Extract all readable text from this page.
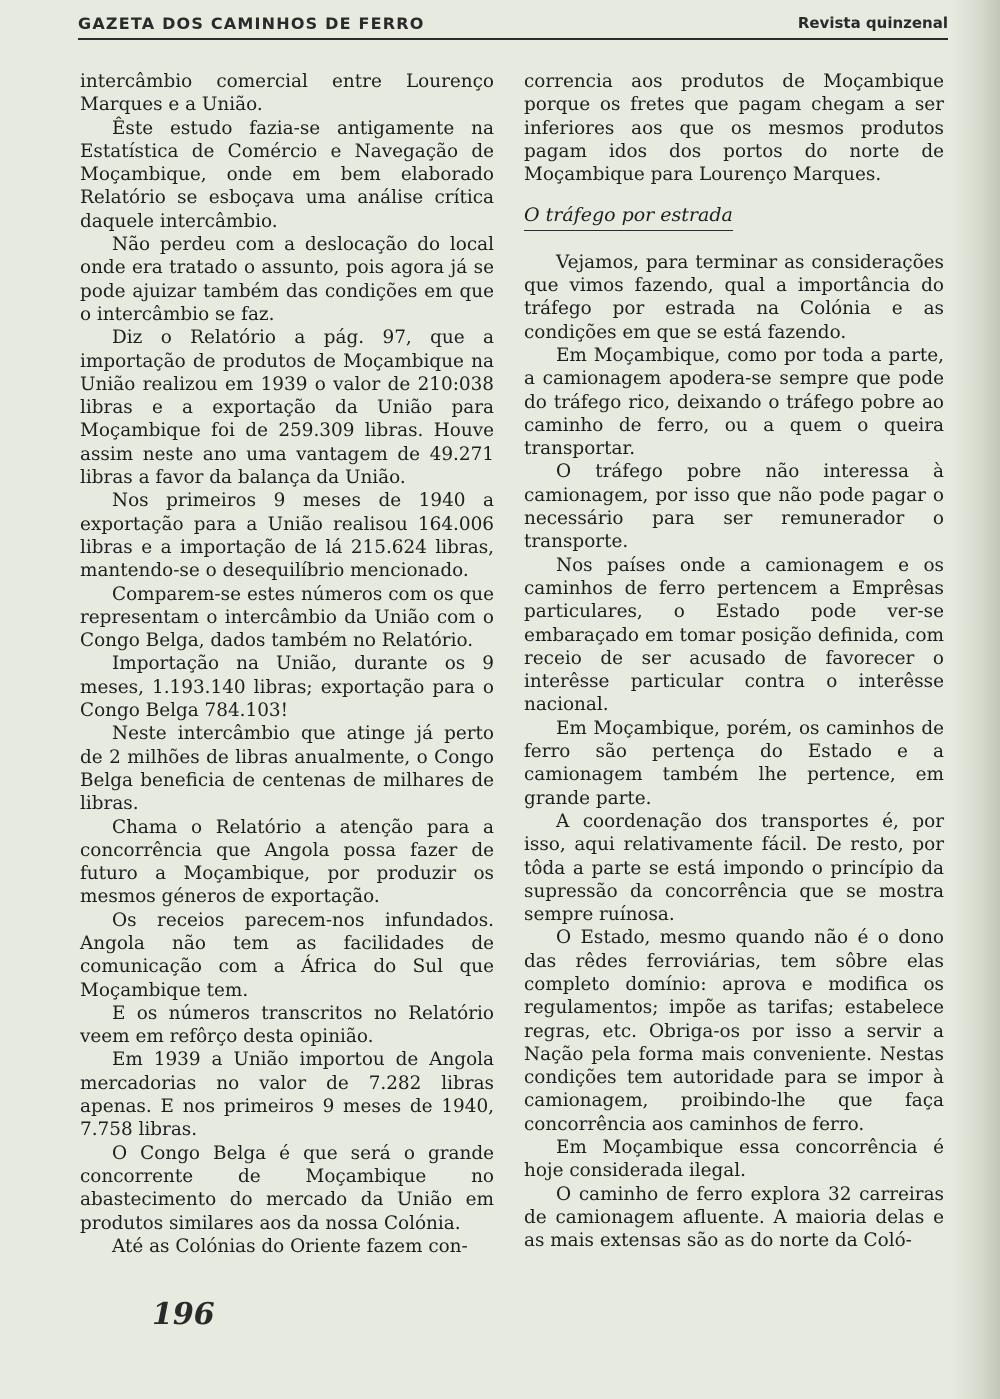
GAZETA DOS CAMINHOS DE FERRO	Revista quinzenal

intercâmbio comercial entre Lourenço Marques e a União.

Êste estudo fazia-se antigamente na Estatística de Comércio e Navegação de Moçambique, onde em bem elaborado Relatório se esboçava uma análise crítica daquele intercâmbio.

Não perdeu com a deslocação do local onde era tratado o assunto, pois agora já se pode ajuizar também das condições em que o intercâmbio se faz.

Diz o Relatório a pág. 97, que a importação de produtos de Moçambique na União realizou em 1939 o valor de 210:038 libras e a exportação da União para Moçambique foi de 259.309 libras. Houve assim neste ano uma vantagem de 49.271 libras a favor da balança da União.

Nos primeiros 9 meses de 1940 a exportação para a União realisou 164.006 libras e a importação de lá 215.624 libras, mantendo-se o desequilíbrio mencionado.

Comparem-se estes números com os que representam o intercâmbio da União com o Congo Belga, dados também no Relatório.

Importação na União, durante os 9 meses, 1.193.140 libras; exportação para o Congo Belga 784.103!

Neste intercâmbio que atinge já perto de 2 milhões de libras anualmente, o Congo Belga beneficia de centenas de milhares de libras.

Chama o Relatório a atenção para a concorrência que Angola possa fazer de futuro a Moçambique, por produzir os mesmos géneros de exportação.

Os receios parecem-nos infundados. Angola não tem as facilidades de comunicação com a África do Sul que Moçambique tem.

E os números transcritos no Relatório veem em refôrço desta opinião.

Em 1939 a União importou de Angola mercadorias no valor de 7.282 libras apenas. E nos primeiros 9 meses de 1940, 7.758 libras.

O Congo Belga é que será o grande concorrente de Moçambique no abastecimento do mercado da União em produtos similares aos da nossa Colónia.

Até as Colónias do Oriente fazem con-

correncia aos produtos de Moçambique porque os fretes que pagam chegam a ser inferiores aos que os mesmos produtos pagam idos dos portos do norte de Moçambique para Lourenço Marques.

O tráfego por estrada

Vejamos, para terminar as considerações que vimos fazendo, qual a importância do tráfego por estrada na Colónia e as condições em que se está fazendo.

Em Moçambique, como por toda a parte, a camionagem apodera-se sempre que pode do tráfego rico, deixando o tráfego pobre ao caminho de ferro, ou a quem o queira transportar.

O tráfego pobre não interessa à camionagem, por isso que não pode pagar o necessário para ser remunerador o transporte.

Nos países onde a camionagem e os caminhos de ferro pertencem a Emprêsas particulares, o Estado pode ver-se embaraçado em tomar posição definida, com receio de ser acusado de favorecer o interêsse particular contra o interêsse nacional.

Em Moçambique, porém, os caminhos de ferro são pertença do Estado e a camionagem também lhe pertence, em grande parte.

A coordenação dos transportes é, por isso, aqui relativamente fácil. De resto, por tôda a parte se está impondo o princípio da supressão da concorrência que se mostra sempre ruínosa.

O Estado, mesmo quando não é o dono das rêdes ferroviárias, tem sôbre elas completo domínio: aprova e modifica os regulamentos; impõe as tarifas; estabelece regras, etc. Obriga-os por isso a servir a Nação pela forma mais conveniente. Nestas condições tem autoridade para se impor à camionagem, proibindo-lhe que faça concorrência aos caminhos de ferro.

Em Moçambique essa concorrência é hoje considerada ilegal.

O caminho de ferro explora 32 carreiras de camionagem afluente. A maioria delas e as mais extensas são as do norte da Coló-

196
